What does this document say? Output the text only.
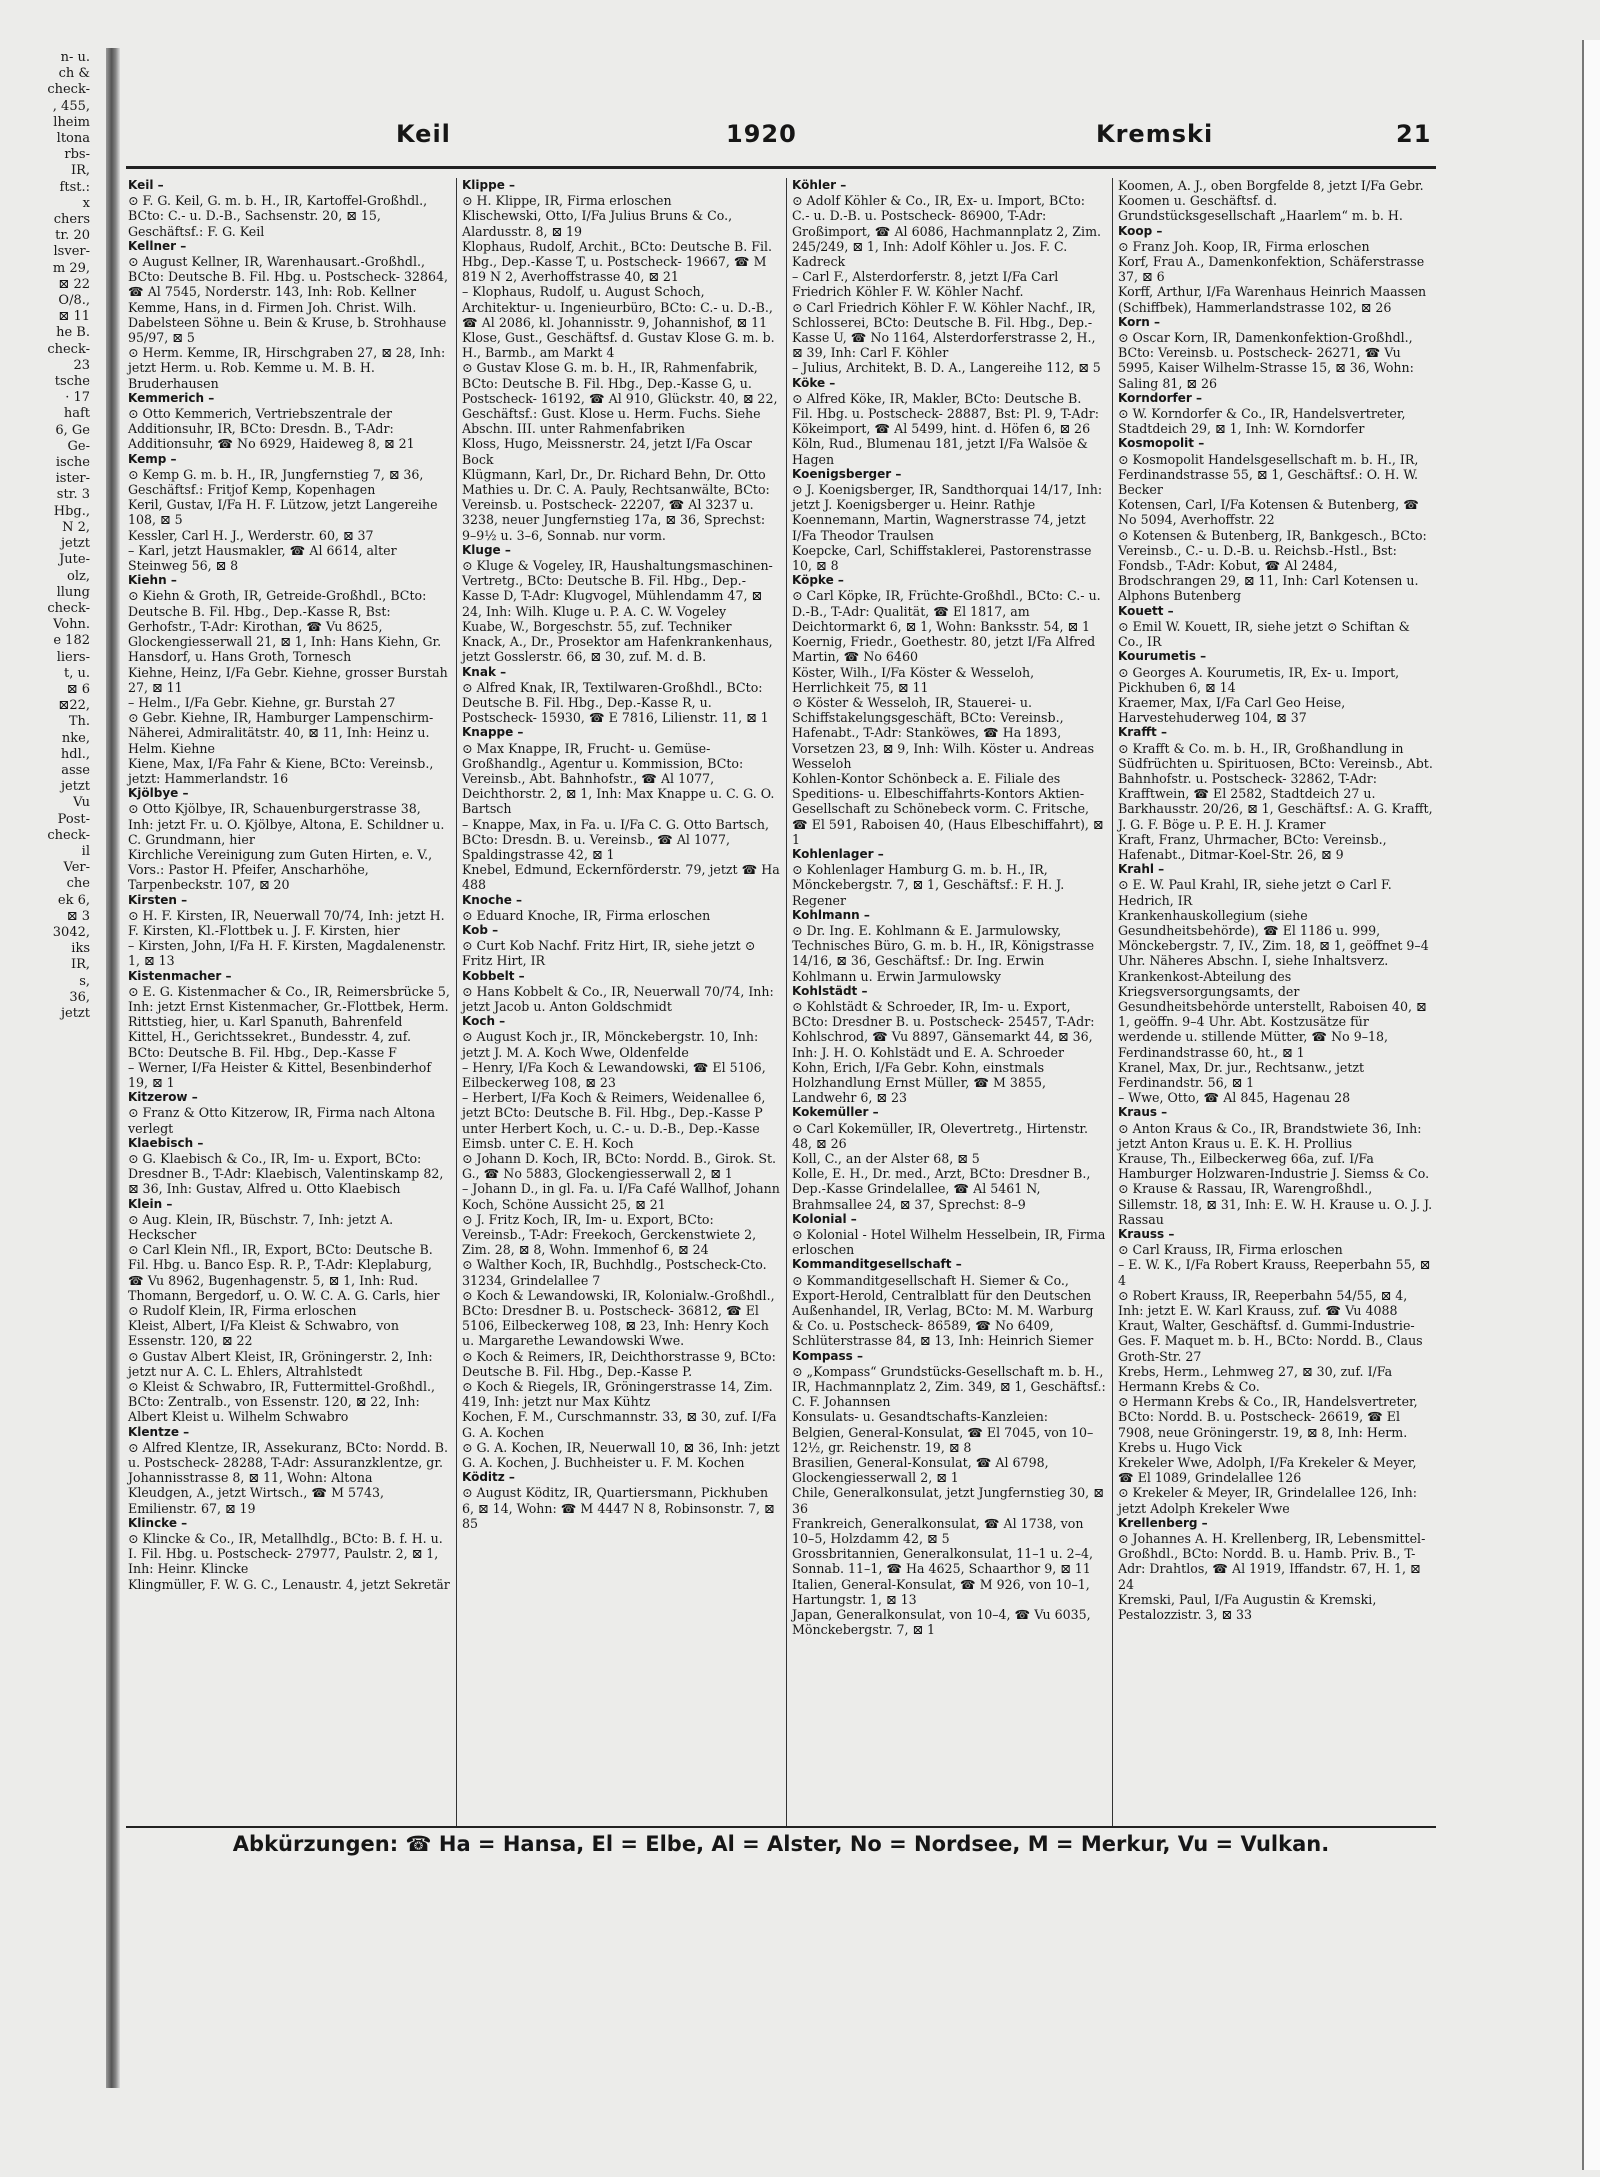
n- u.
ch &
check-
, 455,
lheim
ltona
rbs-
IR,
ftst.:
x
chers
tr. 20
lsver-
m 29,
⊠ 22
O/8.,
⊠ 11
he B.
check-
23
tsche
· 17
haft
6, Ge
Ge-
ische
ister-
str. 3
Hbg.,
N 2,
jetzt
Jute-
olz,
llung
check-
Vohn.
e 182
liers-
t, u.
⊠ 6
⊠22,
Th.
nke,
hdl.,
asse
jetzt
Vu
Post-
check-
il
Ver-
che
ek 6,
⊠ 3
3042,
iks
IR,
s,
36,
jetzt
Keil	1920	Kremski	21

Keil –

⊙ F. G. Keil, G. m. b. H., IR, Kartoffel-Großhdl., BCto: C.- u. D.-B., Sachsenstr. 20, ⊠ 15, Geschäftsf.: F. G. Keil

Kellner –

⊙ August Kellner, IR, Warenhausart.-Großhdl., BCto: Deutsche B. Fil. Hbg. u. Postscheck- 32864, ☎ Al 7545, Norderstr. 143, Inh: Rob. Kellner

Kemme, Hans, in d. Firmen Joh. Christ. Wilh. Dabelsteen Söhne u. Bein & Kruse, b. Strohhause 95/97, ⊠ 5

⊙ Herm. Kemme, IR, Hirschgraben 27, ⊠ 28, Inh: jetzt Herm. u. Rob. Kemme u. M. B. H. Bruderhausen

Kemmerich –

⊙ Otto Kemmerich, Vertriebszentrale der Additionsuhr, IR, BCto: Dresdn. B., T-Adr: Additionsuhr, ☎ No 6929, Haideweg 8, ⊠ 21

Kemp –

⊙ Kemp G. m. b. H., IR, Jungfernstieg 7, ⊠ 36, Geschäftsf.: Fritjof Kemp, Kopenhagen

Keril, Gustav, I/Fa H. F. Lützow, jetzt Langereihe 108, ⊠ 5

Kessler, Carl H. J., Werderstr. 60, ⊠ 37

– Karl, jetzt Hausmakler, ☎ Al 6614, alter Steinweg 56, ⊠ 8

Kiehn –

⊙ Kiehn & Groth, IR, Getreide-Großhdl., BCto: Deutsche B. Fil. Hbg., Dep.-Kasse R, Bst: Gerhofstr., T-Adr: Kirothan, ☎ Vu 8625, Glockengiesserwall 21, ⊠ 1, Inh: Hans Kiehn, Gr. Hansdorf, u. Hans Groth, Tornesch

Kiehne, Heinz, I/Fa Gebr. Kiehne, grosser Burstah 27, ⊠ 11

– Helm., I/Fa Gebr. Kiehne, gr. Burstah 27

⊙ Gebr. Kiehne, IR, Hamburger Lampenschirm-Näherei, Admiralitätstr. 40, ⊠ 11, Inh: Heinz u. Helm. Kiehne

Kiene, Max, I/Fa Fahr & Kiene, BCto: Vereinsb., jetzt: Hammerlandstr. 16

Kjölbye –

⊙ Otto Kjölbye, IR, Schauenburgerstrasse 38, Inh: jetzt Fr. u. O. Kjölbye, Altona, E. Schildner u. C. Grundmann, hier

Kirchliche Vereinigung zum Guten Hirten, e. V., Vors.: Pastor H. Pfeifer, Anscharhöhe, Tarpenbeckstr. 107, ⊠ 20

Kirsten –

⊙ H. F. Kirsten, IR, Neuerwall 70/74, Inh: jetzt H. F. Kirsten, Kl.-Flottbek u. J. F. Kirsten, hier

– Kirsten, John, I/Fa H. F. Kirsten, Magdalenenstr. 1, ⊠ 13

Kistenmacher –

⊙ E. G. Kistenmacher & Co., IR, Reimersbrücke 5, Inh: jetzt Ernst Kistenmacher, Gr.-Flottbek, Herm. Rittstieg, hier, u. Karl Spanuth, Bahrenfeld

Kittel, H., Gerichtssekret., Bundesstr. 4, zuf. BCto: Deutsche B. Fil. Hbg., Dep.-Kasse F

– Werner, I/Fa Heister & Kittel, Besenbinderhof 19, ⊠ 1

Kitzerow –

⊙ Franz & Otto Kitzerow, IR, Firma nach Altona verlegt

Klaebisch –

⊙ G. Klaebisch & Co., IR, Im- u. Export, BCto: Dresdner B., T-Adr: Klaebisch, Valentinskamp 82, ⊠ 36, Inh: Gustav, Alfred u. Otto Klaebisch

Klein –

⊙ Aug. Klein, IR, Büschstr. 7, Inh: jetzt A. Heckscher

⊙ Carl Klein Nfl., IR, Export, BCto: Deutsche B. Fil. Hbg. u. Banco Esp. R. P., T-Adr: Kleplaburg, ☎ Vu 8962, Bugenhagenstr. 5, ⊠ 1, Inh: Rud. Thomann, Bergedorf, u. O. W. C. A. G. Carls, hier

⊙ Rudolf Klein, IR, Firma erloschen

Kleist, Albert, I/Fa Kleist & Schwabro, von Essenstr. 120, ⊠ 22

⊙ Gustav Albert Kleist, IR, Gröningerstr. 2, Inh: jetzt nur A. C. L. Ehlers, Altrahlstedt

⊙ Kleist & Schwabro, IR, Futtermittel-Großhdl., BCto: Zentralb., von Essenstr. 120, ⊠ 22, Inh: Albert Kleist u. Wilhelm Schwabro

Klentze –

⊙ Alfred Klentze, IR, Assekuranz, BCto: Nordd. B. u. Postscheck- 28288, T-Adr: Assuranzklentze, gr. Johannisstrasse 8, ⊠ 11, Wohn: Altona

Kleudgen, A., jetzt Wirtsch., ☎ M 5743, Emilienstr. 67, ⊠ 19

Klincke –

⊙ Klincke & Co., IR, Metallhdlg., BCto: B. f. H. u. I. Fil. Hbg. u. Postscheck- 27977, Paulstr. 2, ⊠ 1, Inh: Heinr. Klincke

Klingmüller, F. W. G. C., Lenaustr. 4, jetzt Sekretär

Klippe –

⊙ H. Klippe, IR, Firma erloschen

Klischewski, Otto, I/Fa Julius Bruns & Co., Alardusstr. 8, ⊠ 19

Klophaus, Rudolf, Archit., BCto: Deutsche B. Fil. Hbg., Dep.-Kasse T, u. Postscheck- 19667, ☎ M 819 N 2, Averhoffstrasse 40, ⊠ 21

– Klophaus, Rudolf, u. August Schoch, Architektur- u. Ingenieurbüro, BCto: C.- u. D.-B., ☎ Al 2086, kl. Johannisstr. 9, Johannishof, ⊠ 11

Klose, Gust., Geschäftsf. d. Gustav Klose G. m. b. H., Barmb., am Markt 4

⊙ Gustav Klose G. m. b. H., IR, Rahmenfabrik, BCto: Deutsche B. Fil. Hbg., Dep.-Kasse G, u. Postscheck- 16192, ☎ Al 910, Glückstr. 40, ⊠ 22, Geschäftsf.: Gust. Klose u. Herm. Fuchs. Siehe Abschn. III. unter Rahmenfabriken

Kloss, Hugo, Meissnerstr. 24, jetzt I/Fa Oscar Bock

Klügmann, Karl, Dr., Dr. Richard Behn, Dr. Otto Mathies u. Dr. C. A. Pauly, Rechtsanwälte, BCto: Vereinsb. u. Postscheck- 22207, ☎ Al 3237 u. 3238, neuer Jungfernstieg 17a, ⊠ 36, Sprechst: 9–9½ u. 3–6, Sonnab. nur vorm.

Kluge –

⊙ Kluge & Vogeley, IR, Haushaltungsmaschinen-Vertretg., BCto: Deutsche B. Fil. Hbg., Dep.-Kasse D, T-Adr: Klugvogel, Mühlendamm 47, ⊠ 24, Inh: Wilh. Kluge u. P. A. C. W. Vogeley

Kuabe, W., Borgeschstr. 55, zuf. Techniker

Knack, A., Dr., Prosektor am Hafenkrankenhaus, jetzt Gosslerstr. 66, ⊠ 30, zuf. M. d. B.

Knak –

⊙ Alfred Knak, IR, Textilwaren-Großhdl., BCto: Deutsche B. Fil. Hbg., Dep.-Kasse R, u. Postscheck- 15930, ☎ E 7816, Lilienstr. 11, ⊠ 1

Knappe –

⊙ Max Knappe, IR, Frucht- u. Gemüse-Großhandlg., Agentur u. Kommission, BCto: Vereinsb., Abt. Bahnhofstr., ☎ Al 1077, Deichthorstr. 2, ⊠ 1, Inh: Max Knappe u. C. G. O. Bartsch

– Knappe, Max, in Fa. u. I/Fa C. G. Otto Bartsch, BCto: Dresdn. B. u. Vereinsb., ☎ Al 1077, Spaldingstrasse 42, ⊠ 1

Knebel, Edmund, Eckernförderstr. 79, jetzt ☎ Ha 488

Knoche –

⊙ Eduard Knoche, IR, Firma erloschen

Kob –

⊙ Curt Kob Nachf. Fritz Hirt, IR, siehe jetzt ⊙ Fritz Hirt, IR

Kobbelt –

⊙ Hans Kobbelt & Co., IR, Neuerwall 70/74, Inh: jetzt Jacob u. Anton Goldschmidt

Koch –

⊙ August Koch jr., IR, Mönckebergstr. 10, Inh: jetzt J. M. A. Koch Wwe, Oldenfelde

– Henry, I/Fa Koch & Lewandowski, ☎ El 5106, Eilbeckerweg 108, ⊠ 23

– Herbert, I/Fa Koch & Reimers, Weidenallee 6, jetzt BCto: Deutsche B. Fil. Hbg., Dep.-Kasse P unter Herbert Koch, u. C.- u. D.-B., Dep.-Kasse Eimsb. unter C. E. H. Koch

⊙ Johann D. Koch, IR, BCto: Nordd. B., Girok. St. G., ☎ No 5883, Glockengiesserwall 2, ⊠ 1

– Johann D., in gl. Fa. u. I/Fa Café Wallhof, Johann Koch, Schöne Aussicht 25, ⊠ 21

⊙ J. Fritz Koch, IR, Im- u. Export, BCto: Vereinsb., T-Adr: Freekoch, Gerckenstwiete 2, Zim. 28, ⊠ 8, Wohn. Immenhof 6, ⊠ 24

⊙ Walther Koch, IR, Buchhdlg., Postscheck-Cto. 31234, Grindelallee 7

⊙ Koch & Lewandowski, IR, Kolonialw.-Großhdl., BCto: Dresdner B. u. Postscheck- 36812, ☎ El 5106, Eilbeckerweg 108, ⊠ 23, Inh: Henry Koch u. Margarethe Lewandowski Wwe.

⊙ Koch & Reimers, IR, Deichthorstrasse 9, BCto: Deutsche B. Fil. Hbg., Dep.-Kasse P.

⊙ Koch & Riegels, IR, Gröningerstrasse 14, Zim. 419, Inh: jetzt nur Max Kühtz

Kochen, F. M., Curschmannstr. 33, ⊠ 30, zuf. I/Fa G. A. Kochen

⊙ G. A. Kochen, IR, Neuerwall 10, ⊠ 36, Inh: jetzt G. A. Kochen, J. Buchheister u. F. M. Kochen

Köditz –

⊙ August Köditz, IR, Quartiersmann, Pickhuben 6, ⊠ 14, Wohn: ☎ M 4447 N 8, Robinsonstr. 7, ⊠ 85

Köhler –

⊙ Adolf Köhler & Co., IR, Ex- u. Import, BCto: C.- u. D.-B. u. Postscheck- 86900, T-Adr: Großimport, ☎ Al 6086, Hachmannplatz 2, Zim. 245/249, ⊠ 1, Inh: Adolf Köhler u. Jos. F. C. Kadreck

– Carl F., Alsterdorferstr. 8, jetzt I/Fa Carl Friedrich Köhler F. W. Köhler Nachf.

⊙ Carl Friedrich Köhler F. W. Köhler Nachf., IR, Schlosserei, BCto: Deutsche B. Fil. Hbg., Dep.-Kasse U, ☎ No 1164, Alsterdorferstrasse 2, H., ⊠ 39, Inh: Carl F. Köhler

– Julius, Architekt, B. D. A., Langereihe 112, ⊠ 5

Köke –

⊙ Alfred Köke, IR, Makler, BCto: Deutsche B. Fil. Hbg. u. Postscheck- 28887, Bst: Pl. 9, T-Adr: Kökeimport, ☎ Al 5499, hint. d. Höfen 6, ⊠ 26

Köln, Rud., Blumenau 181, jetzt I/Fa Walsöe & Hagen

Koenigsberger –

⊙ J. Koenigsberger, IR, Sandthorquai 14/17, Inh: jetzt J. Koenigsberger u. Heinr. Rathje

Koennemann, Martin, Wagnerstrasse 74, jetzt I/Fa Theodor Traulsen

Koepcke, Carl, Schiffstaklerei, Pastorenstrasse 10, ⊠ 8

Köpke –

⊙ Carl Köpke, IR, Früchte-Großhdl., BCto: C.- u. D.-B., T-Adr: Qualität, ☎ El 1817, am Deichtormarkt 6, ⊠ 1, Wohn: Banksstr. 54, ⊠ 1

Koernig, Friedr., Goethestr. 80, jetzt I/Fa Alfred Martin, ☎ No 6460

Köster, Wilh., I/Fa Köster & Wesseloh, Herrlichkeit 75, ⊠ 11

⊙ Köster & Wesseloh, IR, Stauerei- u. Schiffstakelungsgeschäft, BCto: Vereinsb., Hafenabt., T-Adr: Stanköwes, ☎ Ha 1893, Vorsetzen 23, ⊠ 9, Inh: Wilh. Köster u. Andreas Wesseloh

Kohlen-Kontor Schönbeck a. E. Filiale des Speditions- u. Elbeschiffahrts-Kontors Aktien-Gesellschaft zu Schönebeck vorm. C. Fritsche, ☎ El 591, Raboisen 40, (Haus Elbeschiffahrt), ⊠ 1

Kohlenlager –

⊙ Kohlenlager Hamburg G. m. b. H., IR, Mönckebergstr. 7, ⊠ 1, Geschäftsf.: F. H. J. Regener

Kohlmann –

⊙ Dr. Ing. E. Kohlmann & E. Jarmulowsky, Technisches Büro, G. m. b. H., IR, Königstrasse 14/16, ⊠ 36, Geschäftsf.: Dr. Ing. Erwin Kohlmann u. Erwin Jarmulowsky

Kohlstädt –

⊙ Kohlstädt & Schroeder, IR, Im- u. Export, BCto: Dresdner B. u. Postscheck- 25457, T-Adr: Kohlschrod, ☎ Vu 8897, Gänsemarkt 44, ⊠ 36, Inh: J. H. O. Kohlstädt und E. A. Schroeder

Kohn, Erich, I/Fa Gebr. Kohn, einstmals Holzhandlung Ernst Müller, ☎ M 3855, Landwehr 6, ⊠ 23

Kokemüller –

⊙ Carl Kokemüller, IR, Olevertretg., Hirtenstr. 48, ⊠ 26

Koll, C., an der Alster 68, ⊠ 5

Kolle, E. H., Dr. med., Arzt, BCto: Dresdner B., Dep.-Kasse Grindelallee, ☎ Al 5461 N, Brahmsallee 24, ⊠ 37, Sprechst: 8–9

Kolonial –

⊙ Kolonial - Hotel Wilhelm Hesselbein, IR, Firma erloschen

Kommanditgesellschaft –

⊙ Kommanditgesellschaft H. Siemer & Co., Export-Herold, Centralblatt für den Deutschen Außenhandel, IR, Verlag, BCto: M. M. Warburg & Co. u. Postscheck- 86589, ☎ No 6409, Schlüterstrasse 84, ⊠ 13, Inh: Heinrich Siemer

Kompass –

⊙ „Kompass“ Grundstücks-Gesellschaft m. b. H., IR, Hachmannplatz 2, Zim. 349, ⊠ 1, Geschäftsf.: C. F. Johannsen

Konsulats- u. Gesandtschafts-Kanzleien:

Belgien, General-Konsulat, ☎ El 7045, von 10–12½, gr. Reichenstr. 19, ⊠ 8

Brasilien, General-Konsulat, ☎ Al 6798, Glockengiesserwall 2, ⊠ 1

Chile, Generalkonsulat, jetzt Jungfernstieg 30, ⊠ 36

Frankreich, Generalkonsulat, ☎ Al 1738, von 10–5, Holzdamm 42, ⊠ 5

Grossbritannien, Generalkonsulat, 11–1 u. 2–4, Sonnab. 11–1, ☎ Ha 4625, Schaarthor 9, ⊠ 11

Italien, General-Konsulat, ☎ M 926, von 10–1, Hartungstr. 1, ⊠ 13

Japan, Generalkonsulat, von 10–4, ☎ Vu 6035, Mönckebergstr. 7, ⊠ 1

Koomen, A. J., oben Borgfelde 8, jetzt I/Fa Gebr. Koomen u. Geschäftsf. d. Grundstücksgesellschaft „Haarlem“ m. b. H.

Koop –

⊙ Franz Joh. Koop, IR, Firma erloschen

Korf, Frau A., Damenkonfektion, Schäferstrasse 37, ⊠ 6

Korff, Arthur, I/Fa Warenhaus Heinrich Maassen (Schiffbek), Hammerlandstrasse 102, ⊠ 26

Korn –

⊙ Oscar Korn, IR, Damenkonfektion-Großhdl., BCto: Vereinsb. u. Postscheck- 26271, ☎ Vu 5995, Kaiser Wilhelm-Strasse 15, ⊠ 36, Wohn: Saling 81, ⊠ 26

Korndorfer –

⊙ W. Korndorfer & Co., IR, Handelsvertreter, Stadtdeich 29, ⊠ 1, Inh: W. Korndorfer

Kosmopolit –

⊙ Kosmopolit Handelsgesellschaft m. b. H., IR, Ferdinandstrasse 55, ⊠ 1, Geschäftsf.: O. H. W. Becker

Kotensen, Carl, I/Fa Kotensen & Butenberg, ☎ No 5094, Averhoffstr. 22

⊙ Kotensen & Butenberg, IR, Bankgesch., BCto: Vereinsb., C.- u. D.-B. u. Reichsb.-Hstl., Bst: Fondsb., T-Adr: Kobut, ☎ Al 2484, Brodschrangen 29, ⊠ 11, Inh: Carl Kotensen u. Alphons Butenberg

Kouett –

⊙ Emil W. Kouett, IR, siehe jetzt ⊙ Schiftan & Co., IR

Kourumetis –

⊙ Georges A. Kourumetis, IR, Ex- u. Import, Pickhuben 6, ⊠ 14

Kraemer, Max, I/Fa Carl Geo Heise, Harvestehuderweg 104, ⊠ 37

Krafft –

⊙ Krafft & Co. m. b. H., IR, Großhandlung in Südfrüchten u. Spirituosen, BCto: Vereinsb., Abt. Bahnhofstr. u. Postscheck- 32862, T-Adr: Krafftwein, ☎ El 2582, Stadtdeich 27 u. Barkhausstr. 20/26, ⊠ 1, Geschäftsf.: A. G. Krafft, J. G. F. Böge u. P. E. H. J. Kramer

Kraft, Franz, Uhrmacher, BCto: Vereinsb., Hafenabt., Ditmar-Koel-Str. 26, ⊠ 9

Krahl –

⊙ E. W. Paul Krahl, IR, siehe jetzt ⊙ Carl F. Hedrich, IR

Krankenhauskollegium (siehe Gesundheitsbehörde), ☎ El 1186 u. 999, Mönckebergstr. 7, IV., Zim. 18, ⊠ 1, geöffnet 9–4 Uhr. Näheres Abschn. I, siehe Inhaltsverz.

Krankenkost-Abteilung des Kriegsversorgungsamts, der Gesundheitsbehörde unterstellt, Raboisen 40, ⊠ 1, geöffn. 9–4 Uhr. Abt. Kostzusätze für werdende u. stillende Mütter, ☎ No 9–18, Ferdinandstrasse 60, ht., ⊠ 1

Kranel, Max, Dr. jur., Rechtsanw., jetzt Ferdinandstr. 56, ⊠ 1

– Wwe, Otto, ☎ Al 845, Hagenau 28

Kraus –

⊙ Anton Kraus & Co., IR, Brandstwiete 36, Inh: jetzt Anton Kraus u. E. K. H. Prollius

Krause, Th., Eilbeckerweg 66a, zuf. I/Fa Hamburger Holzwaren-Industrie J. Siemss & Co.

⊙ Krause & Rassau, IR, Warengroßhdl., Sillemstr. 18, ⊠ 31, Inh: E. W. H. Krause u. O. J. J. Rassau

Krauss –

⊙ Carl Krauss, IR, Firma erloschen

– E. W. K., I/Fa Robert Krauss, Reeperbahn 55, ⊠ 4

⊙ Robert Krauss, IR, Reeperbahn 54/55, ⊠ 4, Inh: jetzt E. W. Karl Krauss, zuf. ☎ Vu 4088

Kraut, Walter, Geschäftsf. d. Gummi-Industrie-Ges. F. Maquet m. b. H., BCto: Nordd. B., Claus Groth-Str. 27

Krebs, Herm., Lehmweg 27, ⊠ 30, zuf. I/Fa Hermann Krebs & Co.

⊙ Hermann Krebs & Co., IR, Handelsvertreter, BCto: Nordd. B. u. Postscheck- 26619, ☎ El 7908, neue Gröningerstr. 19, ⊠ 8, Inh: Herm. Krebs u. Hugo Vick

Krekeler Wwe, Adolph, I/Fa Krekeler & Meyer, ☎ El 1089, Grindelallee 126

⊙ Krekeler & Meyer, IR, Grindelallee 126, Inh: jetzt Adolph Krekeler Wwe

Krellenberg –

⊙ Johannes A. H. Krellenberg, IR, Lebensmittel-Großhdl., BCto: Nordd. B. u. Hamb. Priv. B., T-Adr: Drahtlos, ☎ Al 1919, Iffandstr. 67, H. 1, ⊠ 24

Kremski, Paul, I/Fa Augustin & Kremski, Pestalozzistr. 3, ⊠ 33

Abkürzungen: ☎ Ha = Hansa, El = Elbe, Al = Alster, No = Nordsee, M = Merkur, Vu = Vulkan.
